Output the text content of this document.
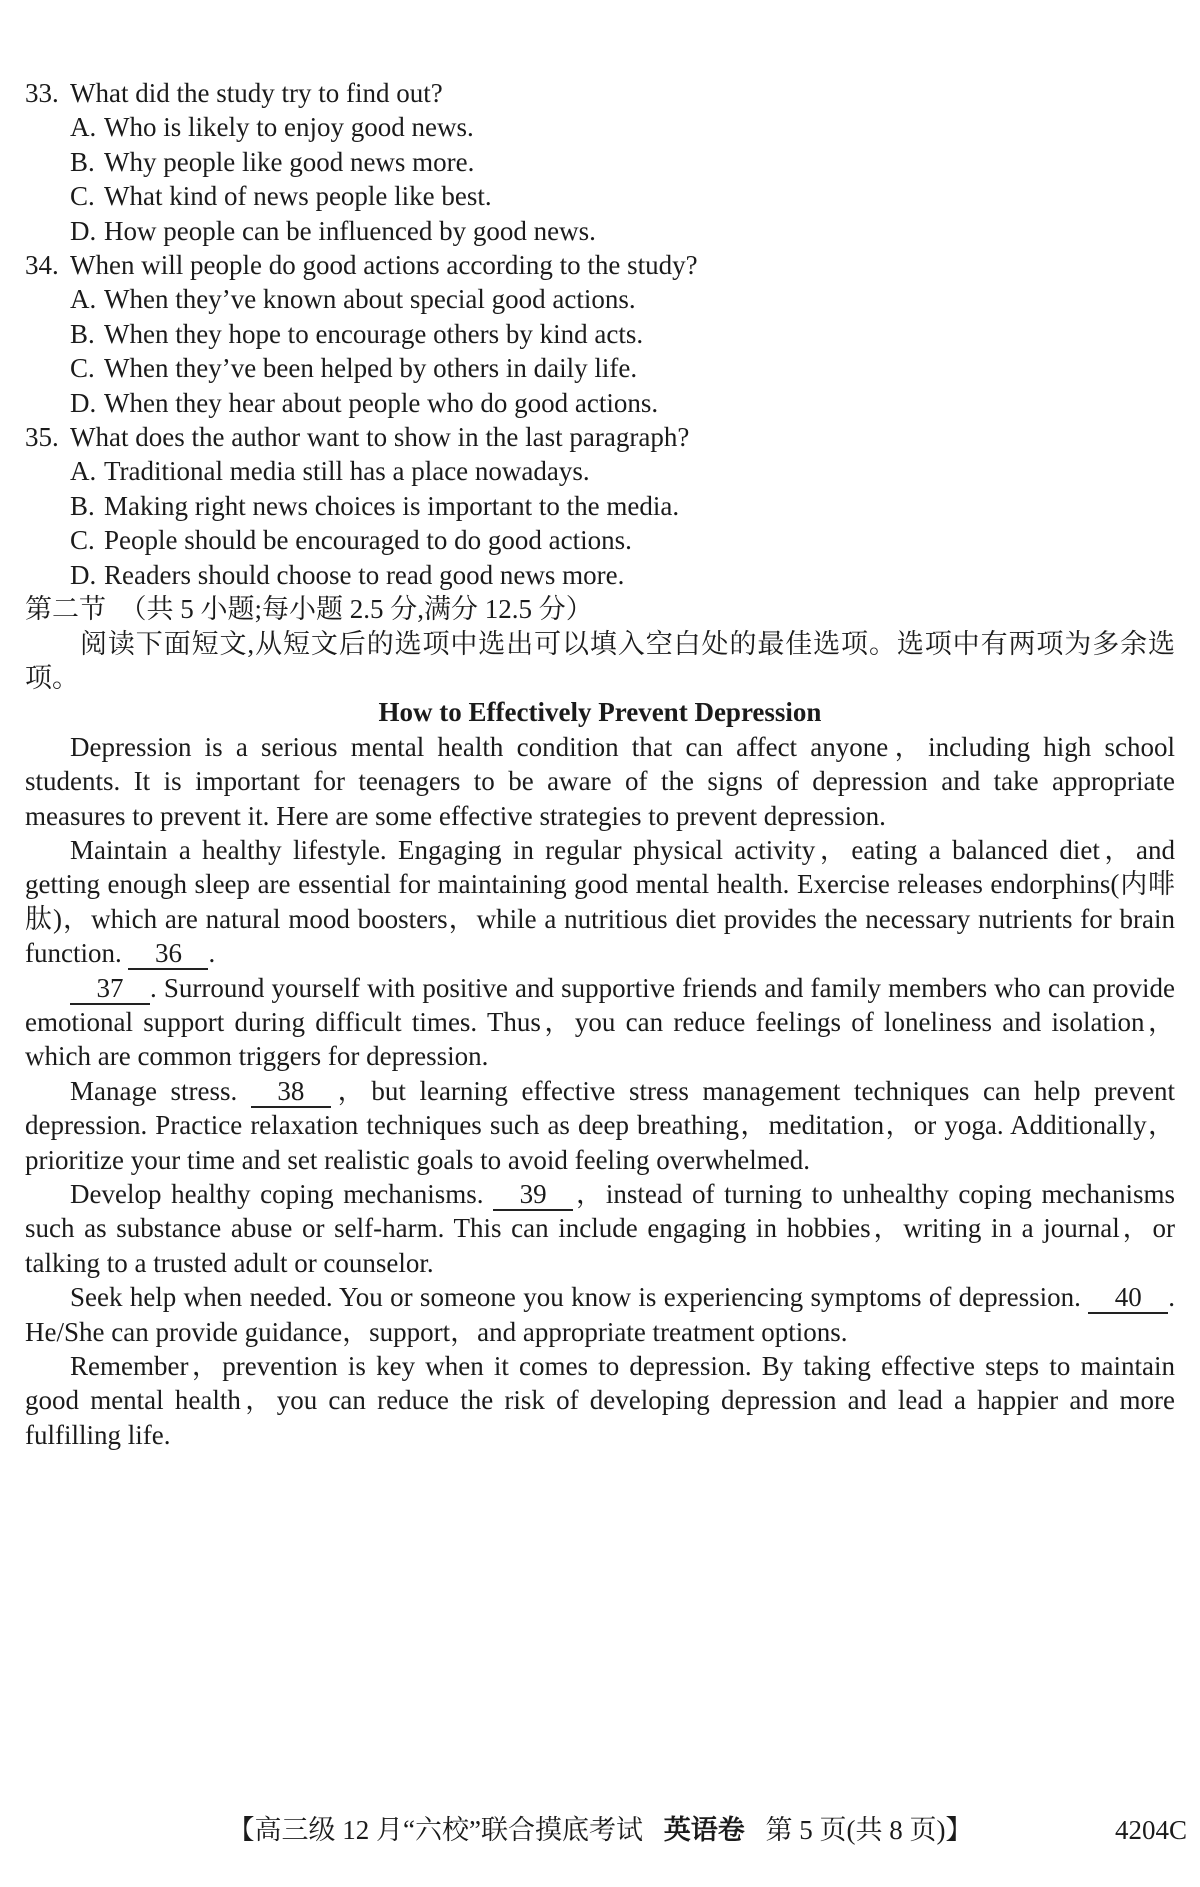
33. What did the study try to find out?
A. Who is likely to enjoy good news.
B. Why people like good news more.
C. What kind of news people like best.
D. How people can be influenced by good news.
34. When will people do good actions according to the study?
A. When they’ve known about special good actions.
B. When they hope to encourage others by kind acts.
C. When they’ve been helped by others in daily life.
D. When they hear about people who do good actions.
35. What does the author want to show in the last paragraph?
A. Traditional media still has a place nowadays.
B. Making right news choices is important to the media.
C. People should be encouraged to do good actions.
D. Readers should choose to read good news more.
第二节　（共 5 小题;每小题 2.5 分,满分 12.5 分）

阅读下面短文,从短文后的选项中选出可以填入空白处的最佳选项。选项中有两项为多余选项。

How to Effectively Prevent Depression

Depression is a serious mental health condition that can affect anyone，including high school students. It is important for teenagers to be aware of the signs of depression and take appropriate measures to prevent it. Here are some effective strategies to prevent depression.

Maintain a healthy lifestyle. Engaging in regular physical activity，eating a balanced diet，and getting enough sleep are essential for maintaining good mental health. Exercise releases endorphins(内啡肽)，which are natural mood boosters，while a nutritious diet provides the necessary nutrients for brain function. 36 .

37 . Surround yourself with positive and supportive friends and family members who can provide emotional support during difficult times. Thus，you can reduce feelings of loneliness and isolation，which are common triggers for depression.

Manage stress. 38 ，but learning effective stress management techniques can help prevent depression. Practice relaxation techniques such as deep breathing，meditation，or yoga. Additionally，prioritize your time and set realistic goals to avoid feeling overwhelmed.

Develop healthy coping mechanisms. 39 ，instead of turning to unhealthy coping mechanisms such as substance abuse or self-harm. This can include engaging in hobbies，writing in a journal，or talking to a trusted adult or counselor.

Seek help when needed. You or someone you know is experiencing symptoms of depression. 40 . He/She can provide guidance，support，and appropriate treatment options.

Remember，prevention is key when it comes to depression. By taking effective steps to maintain good mental health，you can reduce the risk of developing depression and lead a happier and more fulfilling life.

【高三级 12 月“六校”联合摸底考试 英语卷 第 5 页(共 8 页)】	4204C
